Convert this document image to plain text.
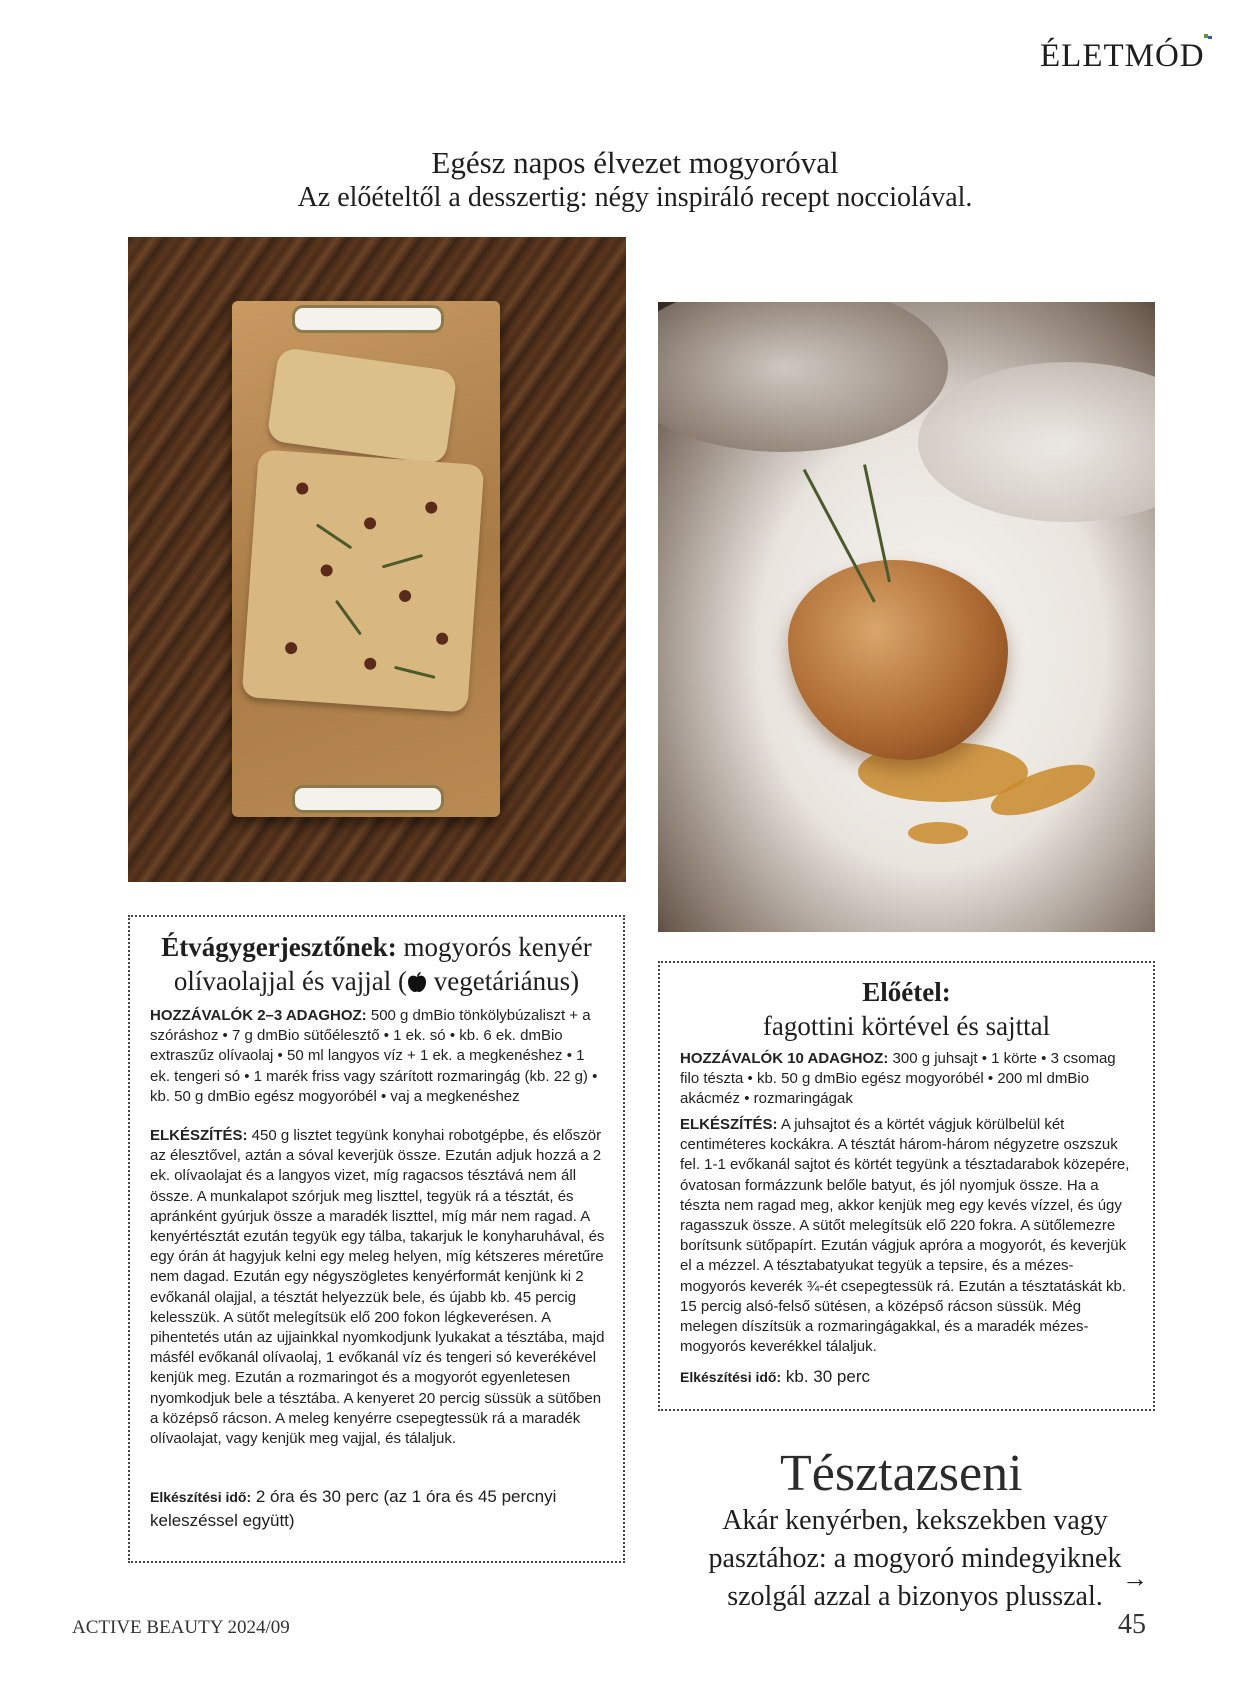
ÉLETMÓD
Egész napos élvezet mogyoróval
Az előételtől a desszertig: négy inspiráló recept nocciolával.
Étvágygerjesztőnek: mogyorós kenyér
olívaolajjal és vajjal ( vegetáriánus)
HOZZÁVALÓK 2–3 ADAGHOZ: 500 g dmBio tönkölybúzaliszt + a szóráshoz • 7 g dmBio sütőélesztő • 1 ek. só • kb. 6 ek. dmBio extraszűz olívaolaj • 50 ml langyos víz + 1 ek. a megkenéshez • 1 ek. tengeri só • 1 marék friss vagy szárított rozmaringág (kb. 22 g) • kb. 50 g dmBio egész mogyoróbél • vaj a megkenéshez
ELKÉSZÍTÉS: 450 g lisztet tegyünk konyhai robotgépbe, és először az élesztővel, aztán a sóval keverjük össze. Ezután adjuk hozzá a 2 ek. olívaolajat és a langyos vizet, míg ragacsos tésztává nem áll össze. A munkalapot szórjuk meg liszttel, tegyük rá a tésztát, és apránként gyúrjuk össze a maradék liszttel, míg már nem ragad. A kenyértésztát ezután tegyük egy tálba, takarjuk le konyharuhával, és egy órán át hagyjuk kelni egy meleg helyen, míg kétszeres méretűre nem dagad. Ezután egy négyszögletes kenyérformát kenjünk ki 2 evőkanál olajjal, a tésztát helyezzük bele, és újabb kb. 45 percig kelesszük. A sütőt melegítsük elő 200 fokon légkeverésen. A pihentetés után az ujjainkkal nyomkodjunk lyukakat a tésztába, majd másfél evőkanál olívaolaj, 1 evőkanál víz és tengeri só keverékével kenjük meg. Ezután a rozmaringot és a mogyorót egyenletesen nyomkodjuk bele a tésztába. A kenyeret 20 percig süssük a sütőben a középső rácson. A meleg kenyérre csepegtessük rá a maradék olívaolajat, vagy kenjük meg vajjal, és tálaljuk.
Elkészítési idő: 2 óra és 30 perc (az 1 óra és 45 percnyi keleszéssel együtt)
Előétel:
fagottini körtével és sajttal
HOZZÁVALÓK 10 ADAGHOZ: 300 g juhsajt • 1 körte • 3 csomag filo tészta • kb. 50 g dmBio egész mogyoróbél • 200 ml dmBio akácméz • rozmaringágak
ELKÉSZÍTÉS: A juhsajtot és a körtét vágjuk körülbelül két centiméteres kockákra. A tésztát három-három négyzetre oszszuk fel. 1-1 evőkanál sajtot és körtét tegyünk a tésztadarabok közepére, óvatosan formázzunk belőle batyut, és jól nyomjuk össze. Ha a tészta nem ragad meg, akkor kenjük meg egy kevés vízzel, és úgy ragasszuk össze. A sütőt melegítsük elő 220 fokra. A sütőlemezre borítsunk sütőpapírt. Ezután vágjuk apróra a mogyorót, és keverjük el a mézzel. A tésztabatyukat tegyük a tepsire, és a mézes-mogyorós keverék ¾-ét csepegtessük rá. Ezután a tésztatáskát kb. 15 percig alsó-felső sütésen, a középső rácson süssük. Még melegen díszítsük a rozmaringágakkal, és a maradék mézes-mogyorós keverékkel tálaljuk.
Elkészítési idő: kb. 30 perc
Tésztazseni
Akár kenyérben, kekszekben vagy pasztához: a mogyoró mindegyiknek szolgál azzal a bizonyos plusszal.
→
ACTIVE BEAUTY 2024/09	45
